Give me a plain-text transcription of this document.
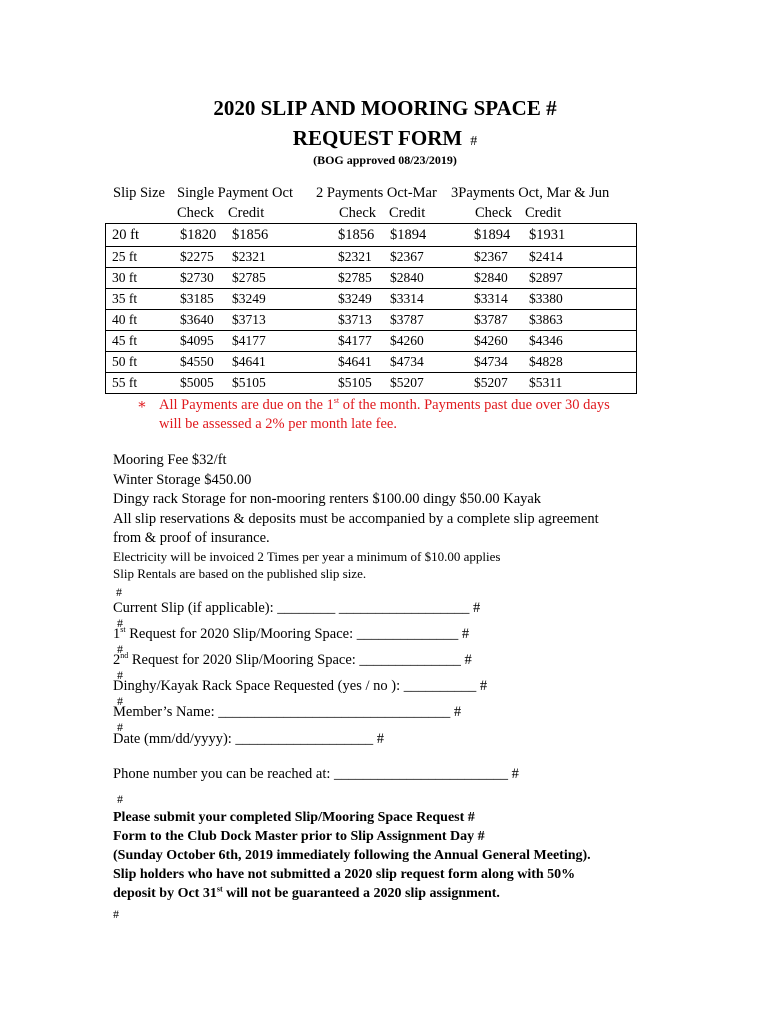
2020 SLIP AND MOORING SPACE #
REQUEST FORM #
(BOG approved 08/23/2019)
Slip Size Single Payment Oct 2 Payments Oct-Mar 3Payments Oct, Mar & Jun
Check Credit	Check Credit	Check Credit
20 ft	$1820	$1856	$1856	$1894	$1894	$1931
25 ft	$2275	$2321	$2321	$2367	$2367	$2414
30 ft	$2730	$2785	$2785	$2840	$2840	$2897
35 ft	$3185	$3249	$3249	$3314	$3314	$3380
40 ft	$3640	$3713	$3713	$3787	$3787	$3863
45 ft	$4095	$4177	$4177	$4260	$4260	$4346
50 ft	$4550	$4641	$4641	$4734	$4734	$4828
55 ft	$5005	$5105	$5105	$5207	$5207	$5311
∗ All Payments are due on the 1st of the month. Payments past due over 30 days
will be assessed a 2% per month late fee.
Mooring Fee $32/ft
Winter Storage $450.00
Dingy rack Storage for non-mooring renters $100.00 dingy $50.00 Kayak
All slip reservations & deposits must be accompanied by a complete slip agreement
from & proof of insurance.
Electricity will be invoiced 2 Times per year a minimum of $10.00 applies
Slip Rentals are based on the published slip size.
#
Current Slip (if applicable): ________ __________________ #
#
1st Request for 2020 Slip/Mooring Space: ______________ #
#
2nd Request for 2020 Slip/Mooring Space: ______________ #
#
Dinghy/Kayak Rack Space Requested (yes / no ): __________ #
#
Member’s Name: ________________________________ #
#
Date (mm/dd/yyyy): ___________________ #
Phone number you can be reached at: ________________________ #
#
Please submit your completed Slip/Mooring Space Request #
Form to the Club Dock Master prior to Slip Assignment Day #
(Sunday October 6th, 2019 immediately following the Annual General Meeting).
Slip holders who have not submitted a 2020 slip request form along with 50%
deposit by Oct 31st will not be guaranteed a 2020 slip assignment.
#
